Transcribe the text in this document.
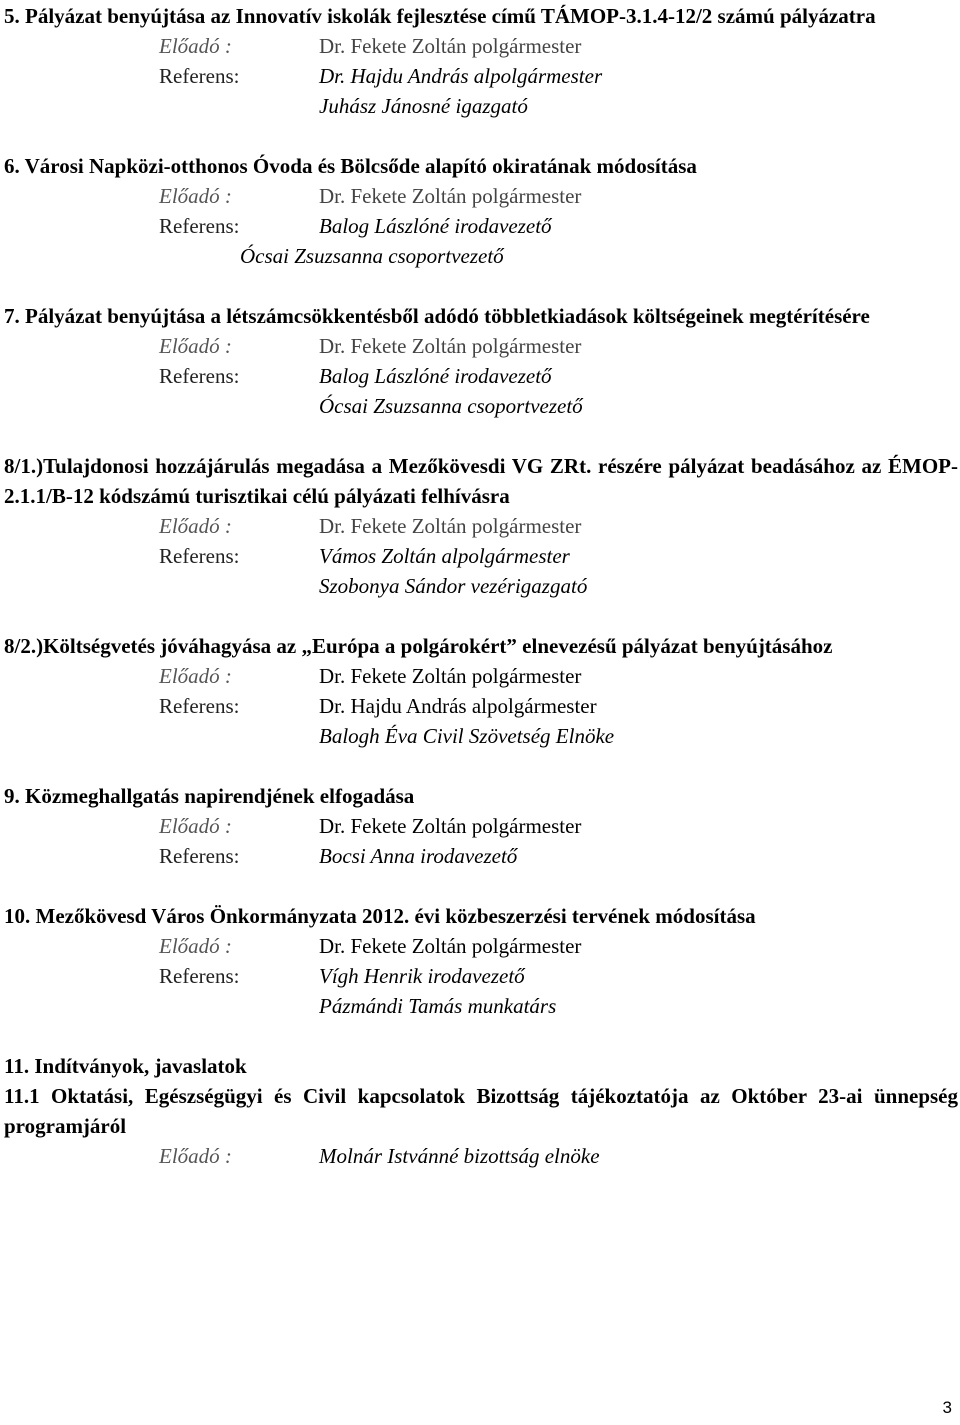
5. Pályázat benyújtása az Innovatív iskolák fejlesztése című TÁMOP-3.1.4-12/2 számú pályázatra
Előadó :	Dr. Fekete Zoltán polgármester
Referens:	Dr. Hajdu András alpolgármester
Juhász Jánosné igazgató
6. Városi Napközi-otthonos Óvoda és Bölcsőde alapító okiratának módosítása
Előadó :	Dr. Fekete Zoltán polgármester
Referens:	Balog Lászlóné irodavezető
Ócsai Zsuzsanna csoportvezető
7. Pályázat benyújtása a létszámcsökkentésből adódó többletkiadások költségeinek megtérítésére
Előadó :	Dr. Fekete Zoltán polgármester
Referens:	Balog Lászlóné irodavezető
Ócsai Zsuzsanna csoportvezető
8/1.)Tulajdonosi hozzájárulás megadása a Mezőkövesdi VG ZRt. részére pályázat beadásához az ÉMOP- 2.1.1/B-12 kódszámú turisztikai célú pályázati felhívásra
Előadó :	Dr. Fekete Zoltán polgármester
Referens:	Vámos Zoltán alpolgármester
Szobonya Sándor vezérigazgató
8/2.)Költségvetés jóváhagyása az „Európa a polgárokért” elnevezésű pályázat benyújtásához
Előadó :	Dr. Fekete Zoltán polgármester
Referens:	Dr. Hajdu András alpolgármester
Balogh Éva Civil Szövetség Elnöke
9. Közmeghallgatás napirendjének elfogadása
Előadó :	Dr. Fekete Zoltán polgármester
Referens:	Bocsi Anna irodavezető
10. Mezőkövesd Város Önkormányzata 2012. évi közbeszerzési tervének módosítása
Előadó :	Dr. Fekete Zoltán polgármester
Referens:	Vígh Henrik irodavezető
Pázmándi Tamás munkatárs
11. Indítványok, javaslatok
11.1 Oktatási, Egészségügyi és Civil kapcsolatok Bizottság tájékoztatója az Október 23-ai ünnepség programjáról
Előadó :	Molnár Istvánné bizottság elnöke
3
